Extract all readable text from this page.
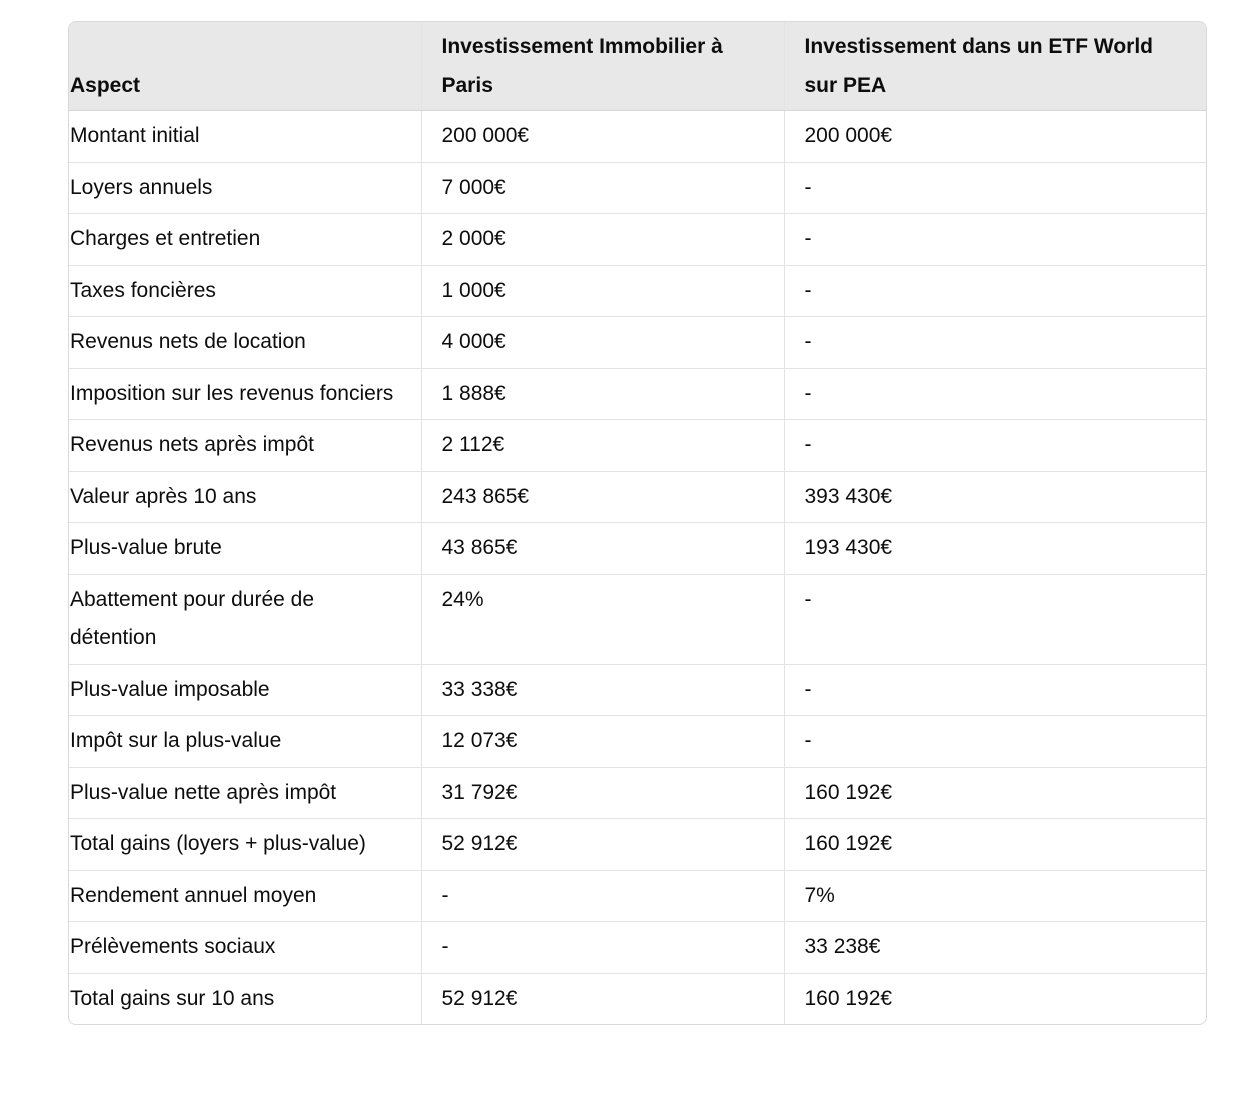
Aspect	Investissement Immobilier à Paris	Investissement dans un ETF World sur PEA
Montant initial	200 000€	200 000€
Loyers annuels	7 000€	-
Charges et entretien	2 000€	-
Taxes foncières	1 000€	-
Revenus nets de location	4 000€	-
Imposition sur les revenus fonciers	1 888€	-
Revenus nets après impôt	2 112€	-
Valeur après 10 ans	243 865€	393 430€
Plus-value brute	43 865€	193 430€
Abattement pour durée de détention	24%	-
Plus-value imposable	33 338€	-
Impôt sur la plus-value	12 073€	-
Plus-value nette après impôt	31 792€	160 192€
Total gains (loyers + plus-value)	52 912€	160 192€
Rendement annuel moyen	-	7%
Prélèvements sociaux	-	33 238€
Total gains sur 10 ans	52 912€	160 192€
